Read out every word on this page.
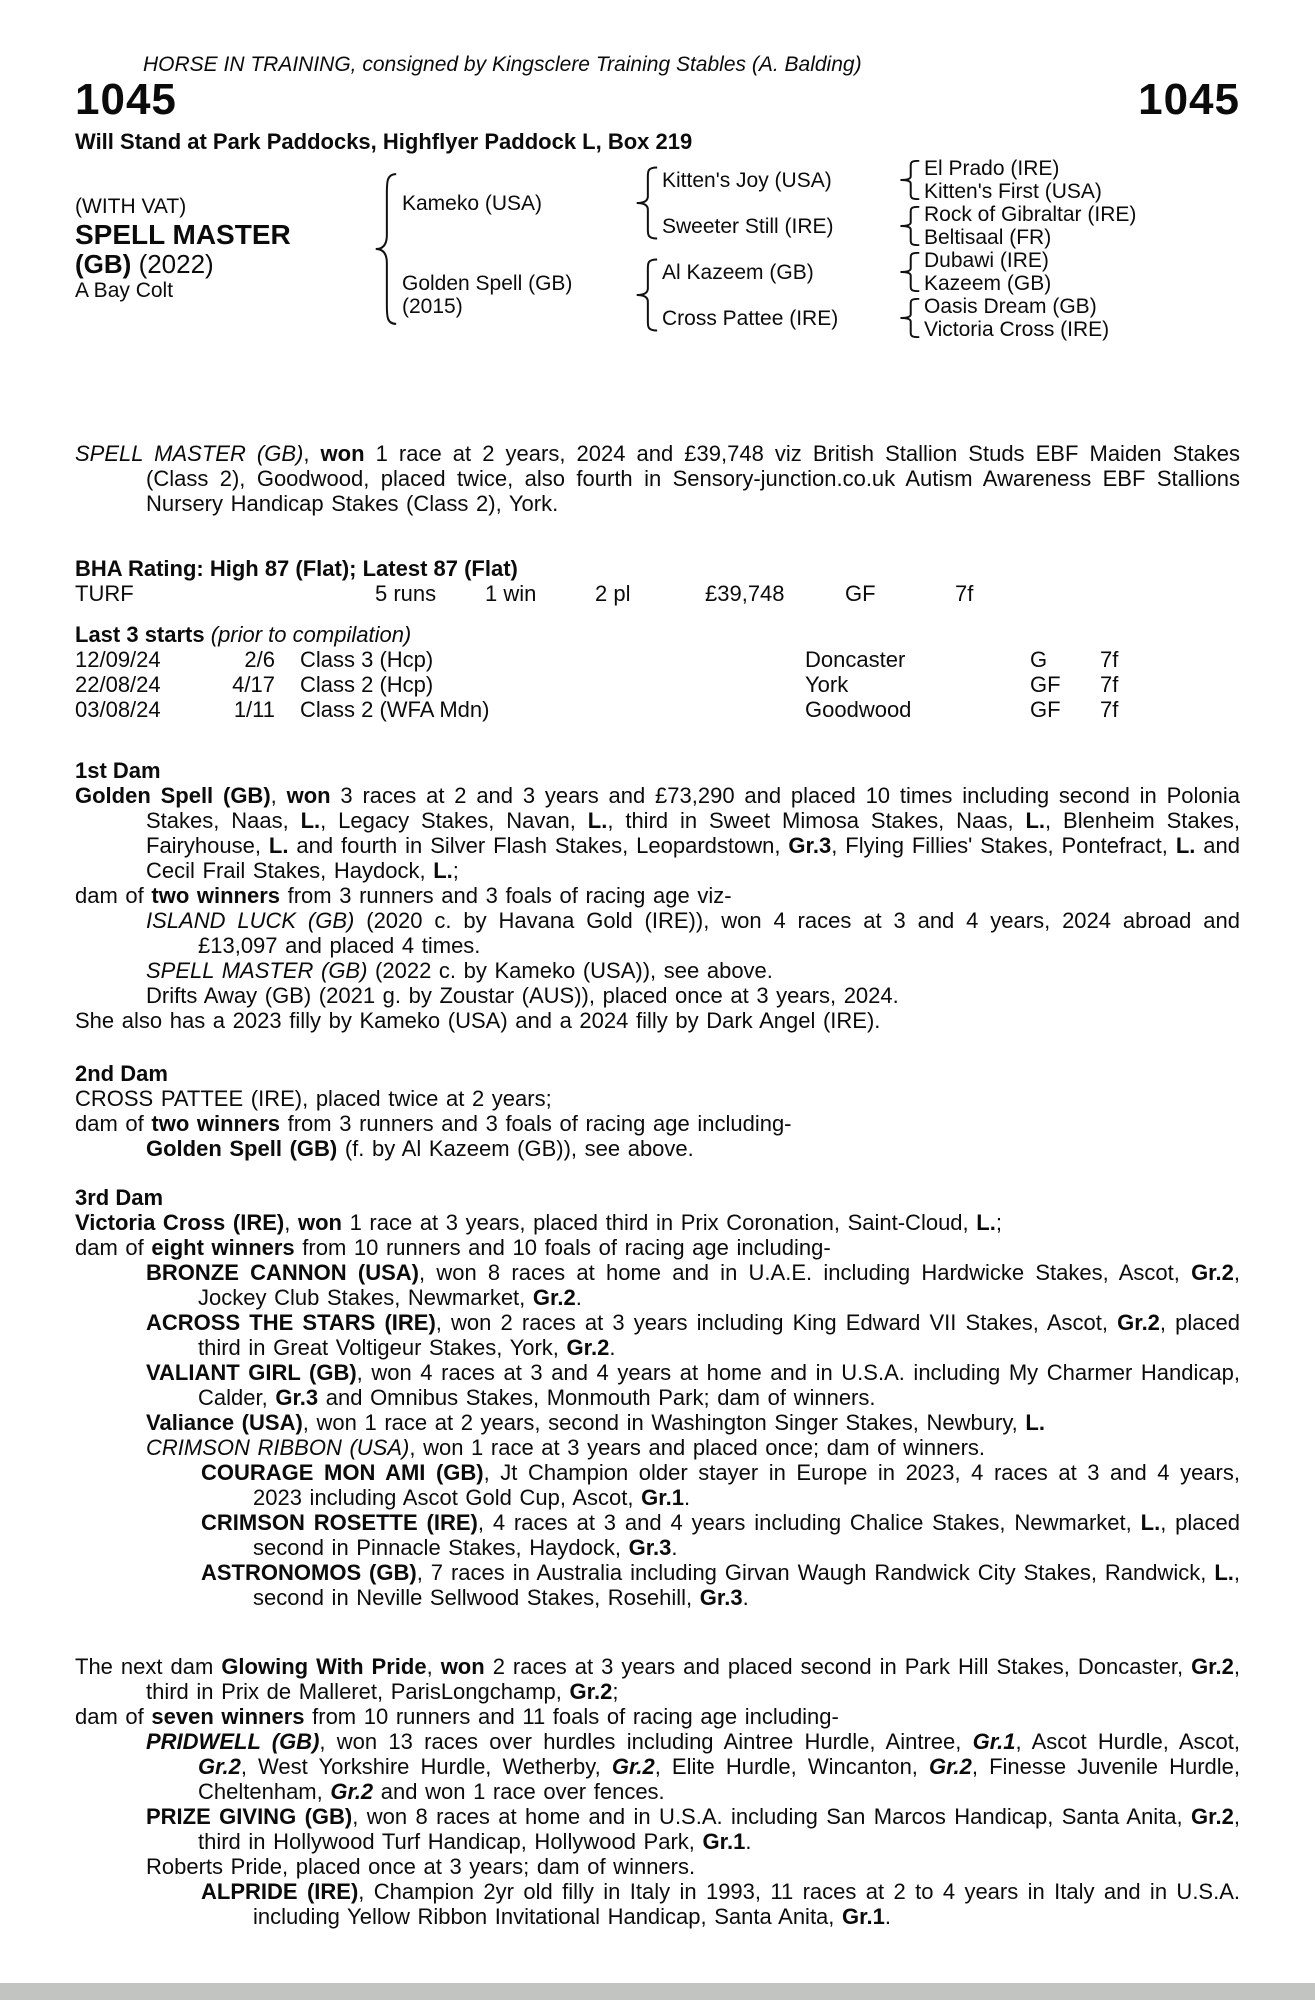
HORSE IN TRAINING, consigned by Kingsclere Training Stables (A. Balding)
1045	1045
Will Stand at Park Paddocks, Highflyer Paddock L, Box 219
(WITH VAT)
SPELL MASTER
(GB) (2022)
A Bay Colt
Kameko (USA)
Golden Spell (GB)
(2015)
Kitten's Joy (USA)
Sweeter Still (IRE)
Al Kazeem (GB)
Cross Pattee (IRE)
El Prado (IRE)
Kitten's First (USA)
Rock of Gibraltar (IRE)
Beltisaal (FR)
Dubawi (IRE)
Kazeem (GB)
Oasis Dream (GB)
Victoria Cross (IRE)
SPELL MASTER (GB), won 1 race at 2 years, 2024 and £39,748 viz British Stallion Studs EBF Maiden Stakes (Class 2), Goodwood, placed twice, also fourth in Sensory-junction.co.uk Autism Awareness EBF Stallions Nursery Handicap Stakes (Class 2), York.
BHA Rating: High 87 (Flat); Latest 87 (Flat)
TURF	5 runs	1 win	2 pl	£39,748	GF	7f
Last 3 starts (prior to compilation)
12/09/24	2/6 Class 3 (Hcp)	Doncaster	G	7f
22/08/24	4/17 Class 2 (Hcp)	York	GF	7f
03/08/24	1/11 Class 2 (WFA Mdn)	Goodwood	GF	7f
1st Dam
Golden Spell (GB), won 3 races at 2 and 3 years and £73,290 and placed 10 times including second in Polonia Stakes, Naas, L., Legacy Stakes, Navan, L., third in Sweet Mimosa Stakes, Naas, L., Blenheim Stakes, Fairyhouse, L. and fourth in Silver Flash Stakes, Leopardstown, Gr.3, Flying Fillies' Stakes, Pontefract, L. and Cecil Frail Stakes, Haydock, L.;
dam of two winners from 3 runners and 3 foals of racing age viz-
ISLAND LUCK (GB) (2020 c. by Havana Gold (IRE)), won 4 races at 3 and 4 years, 2024 abroad and £13,097 and placed 4 times.
SPELL MASTER (GB) (2022 c. by Kameko (USA)), see above.
Drifts Away (GB) (2021 g. by Zoustar (AUS)), placed once at 3 years, 2024.
She also has a 2023 filly by Kameko (USA) and a 2024 filly by Dark Angel (IRE).
2nd Dam
CROSS PATTEE (IRE), placed twice at 2 years;
dam of two winners from 3 runners and 3 foals of racing age including-
Golden Spell (GB) (f. by Al Kazeem (GB)), see above.
3rd Dam
Victoria Cross (IRE), won 1 race at 3 years, placed third in Prix Coronation, Saint-Cloud, L.;
dam of eight winners from 10 runners and 10 foals of racing age including-
BRONZE CANNON (USA), won 8 races at home and in U.A.E. including Hardwicke Stakes, Ascot, Gr.2, Jockey Club Stakes, Newmarket, Gr.2.
ACROSS THE STARS (IRE), won 2 races at 3 years including King Edward VII Stakes, Ascot, Gr.2, placed third in Great Voltigeur Stakes, York, Gr.2.
VALIANT GIRL (GB), won 4 races at 3 and 4 years at home and in U.S.A. including My Charmer Handicap, Calder, Gr.3 and Omnibus Stakes, Monmouth Park; dam of winners.
Valiance (USA), won 1 race at 2 years, second in Washington Singer Stakes, Newbury, L.
CRIMSON RIBBON (USA), won 1 race at 3 years and placed once; dam of winners.
COURAGE MON AMI (GB), Jt Champion older stayer in Europe in 2023, 4 races at 3 and 4 years, 2023 including Ascot Gold Cup, Ascot, Gr.1.
CRIMSON ROSETTE (IRE), 4 races at 3 and 4 years including Chalice Stakes, Newmarket, L., placed second in Pinnacle Stakes, Haydock, Gr.3.
ASTRONOMOS (GB), 7 races in Australia including Girvan Waugh Randwick City Stakes, Randwick, L., second in Neville Sellwood Stakes, Rosehill, Gr.3.
The next dam Glowing With Pride, won 2 races at 3 years and placed second in Park Hill Stakes, Doncaster, Gr.2, third in Prix de Malleret, ParisLongchamp, Gr.2;
dam of seven winners from 10 runners and 11 foals of racing age including-
PRIDWELL (GB), won 13 races over hurdles including Aintree Hurdle, Aintree, Gr.1, Ascot Hurdle, Ascot, Gr.2, West Yorkshire Hurdle, Wetherby, Gr.2, Elite Hurdle, Wincanton, Gr.2, Finesse Juvenile Hurdle, Cheltenham, Gr.2 and won 1 race over fences.
PRIZE GIVING (GB), won 8 races at home and in U.S.A. including San Marcos Handicap, Santa Anita, Gr.2, third in Hollywood Turf Handicap, Hollywood Park, Gr.1.
Roberts Pride, placed once at 3 years; dam of winners.
ALPRIDE (IRE), Champion 2yr old filly in Italy in 1993, 11 races at 2 to 4 years in Italy and in U.S.A. including Yellow Ribbon Invitational Handicap, Santa Anita, Gr.1.
